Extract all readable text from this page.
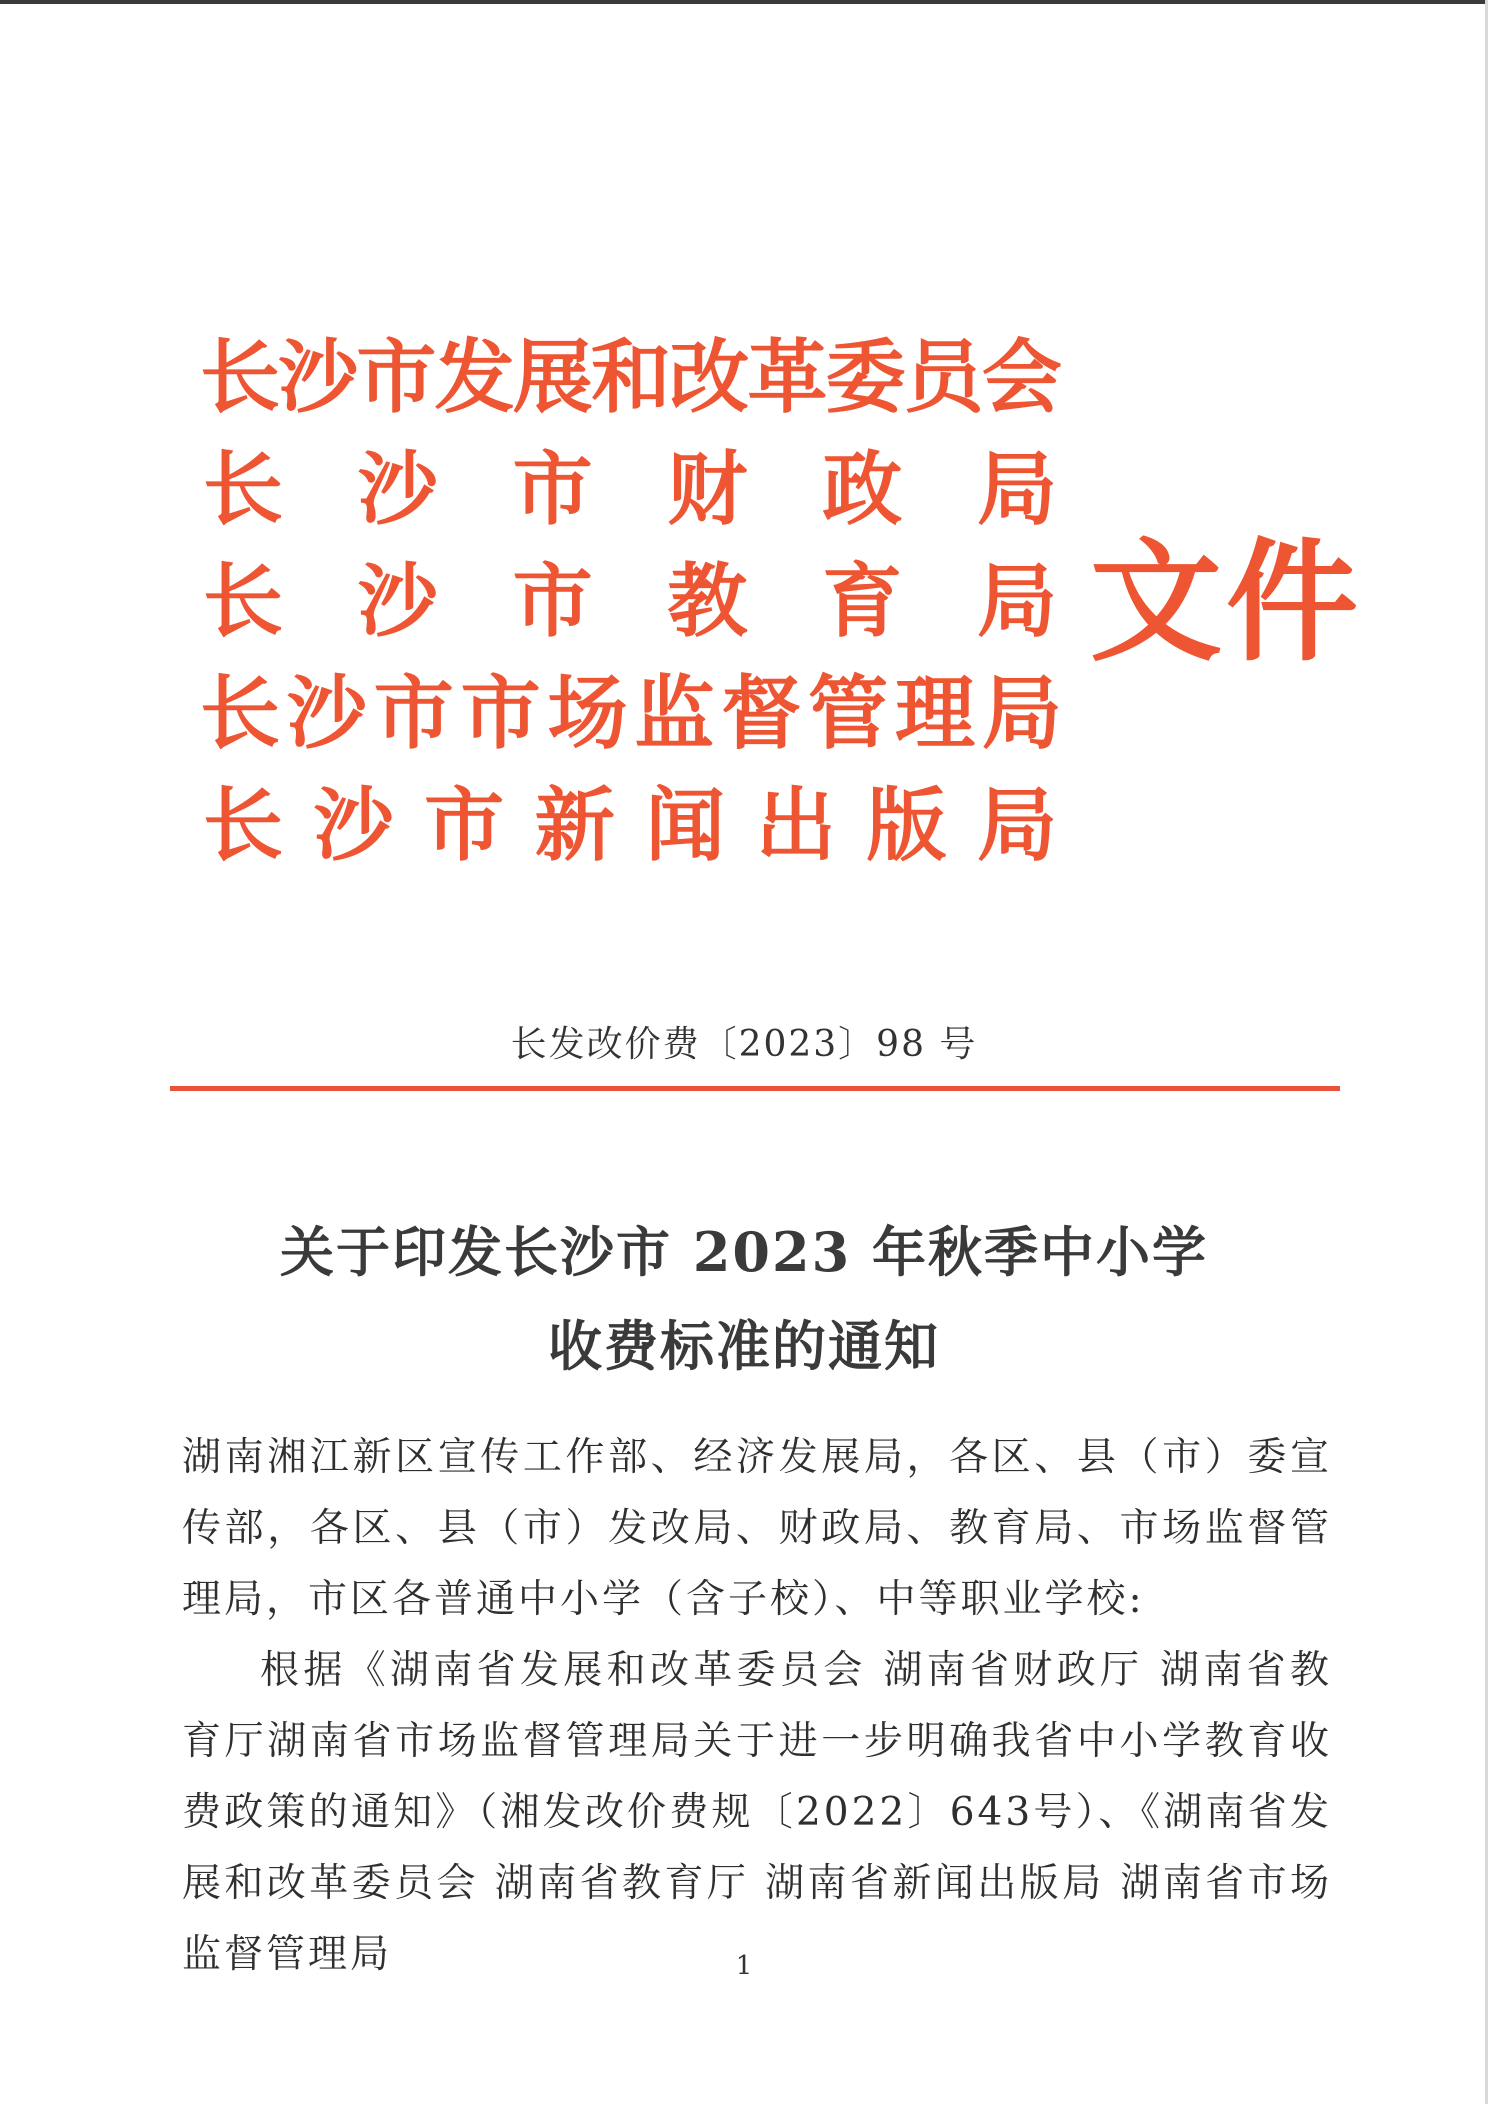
长
沙
市
发
展
和
改
革
委
员
会
长 沙 市 财 政 局
长 沙 市 教 育 局
长 沙 市 市 场 监 督 管 理 局
长 沙 市 新 闻 出 版 局
文件
长发改价费〔2023〕98 号
关于印发长沙市 2023 年秋季中小学
收费标准的通知

湖南湘江新区宣传工作部、经济发展局，各区、县（市）委宣传部，各区、县（市）发改局、财政局、教育局、市场监督管理局，市区各普通中小学（含子校）、中等职业学校:

根据《湖南省发展和改革委员会 湖南省财政厅 湖南省教育厅湖南省市场监督管理局关于进一步明确我省中小学教育收费政策的通知》（湘发改价费规〔2022〕643号）、《湖南省发展和改革委员会 湖南省教育厅 湖南省新闻出版局 湖南省市场监督管理局	1
